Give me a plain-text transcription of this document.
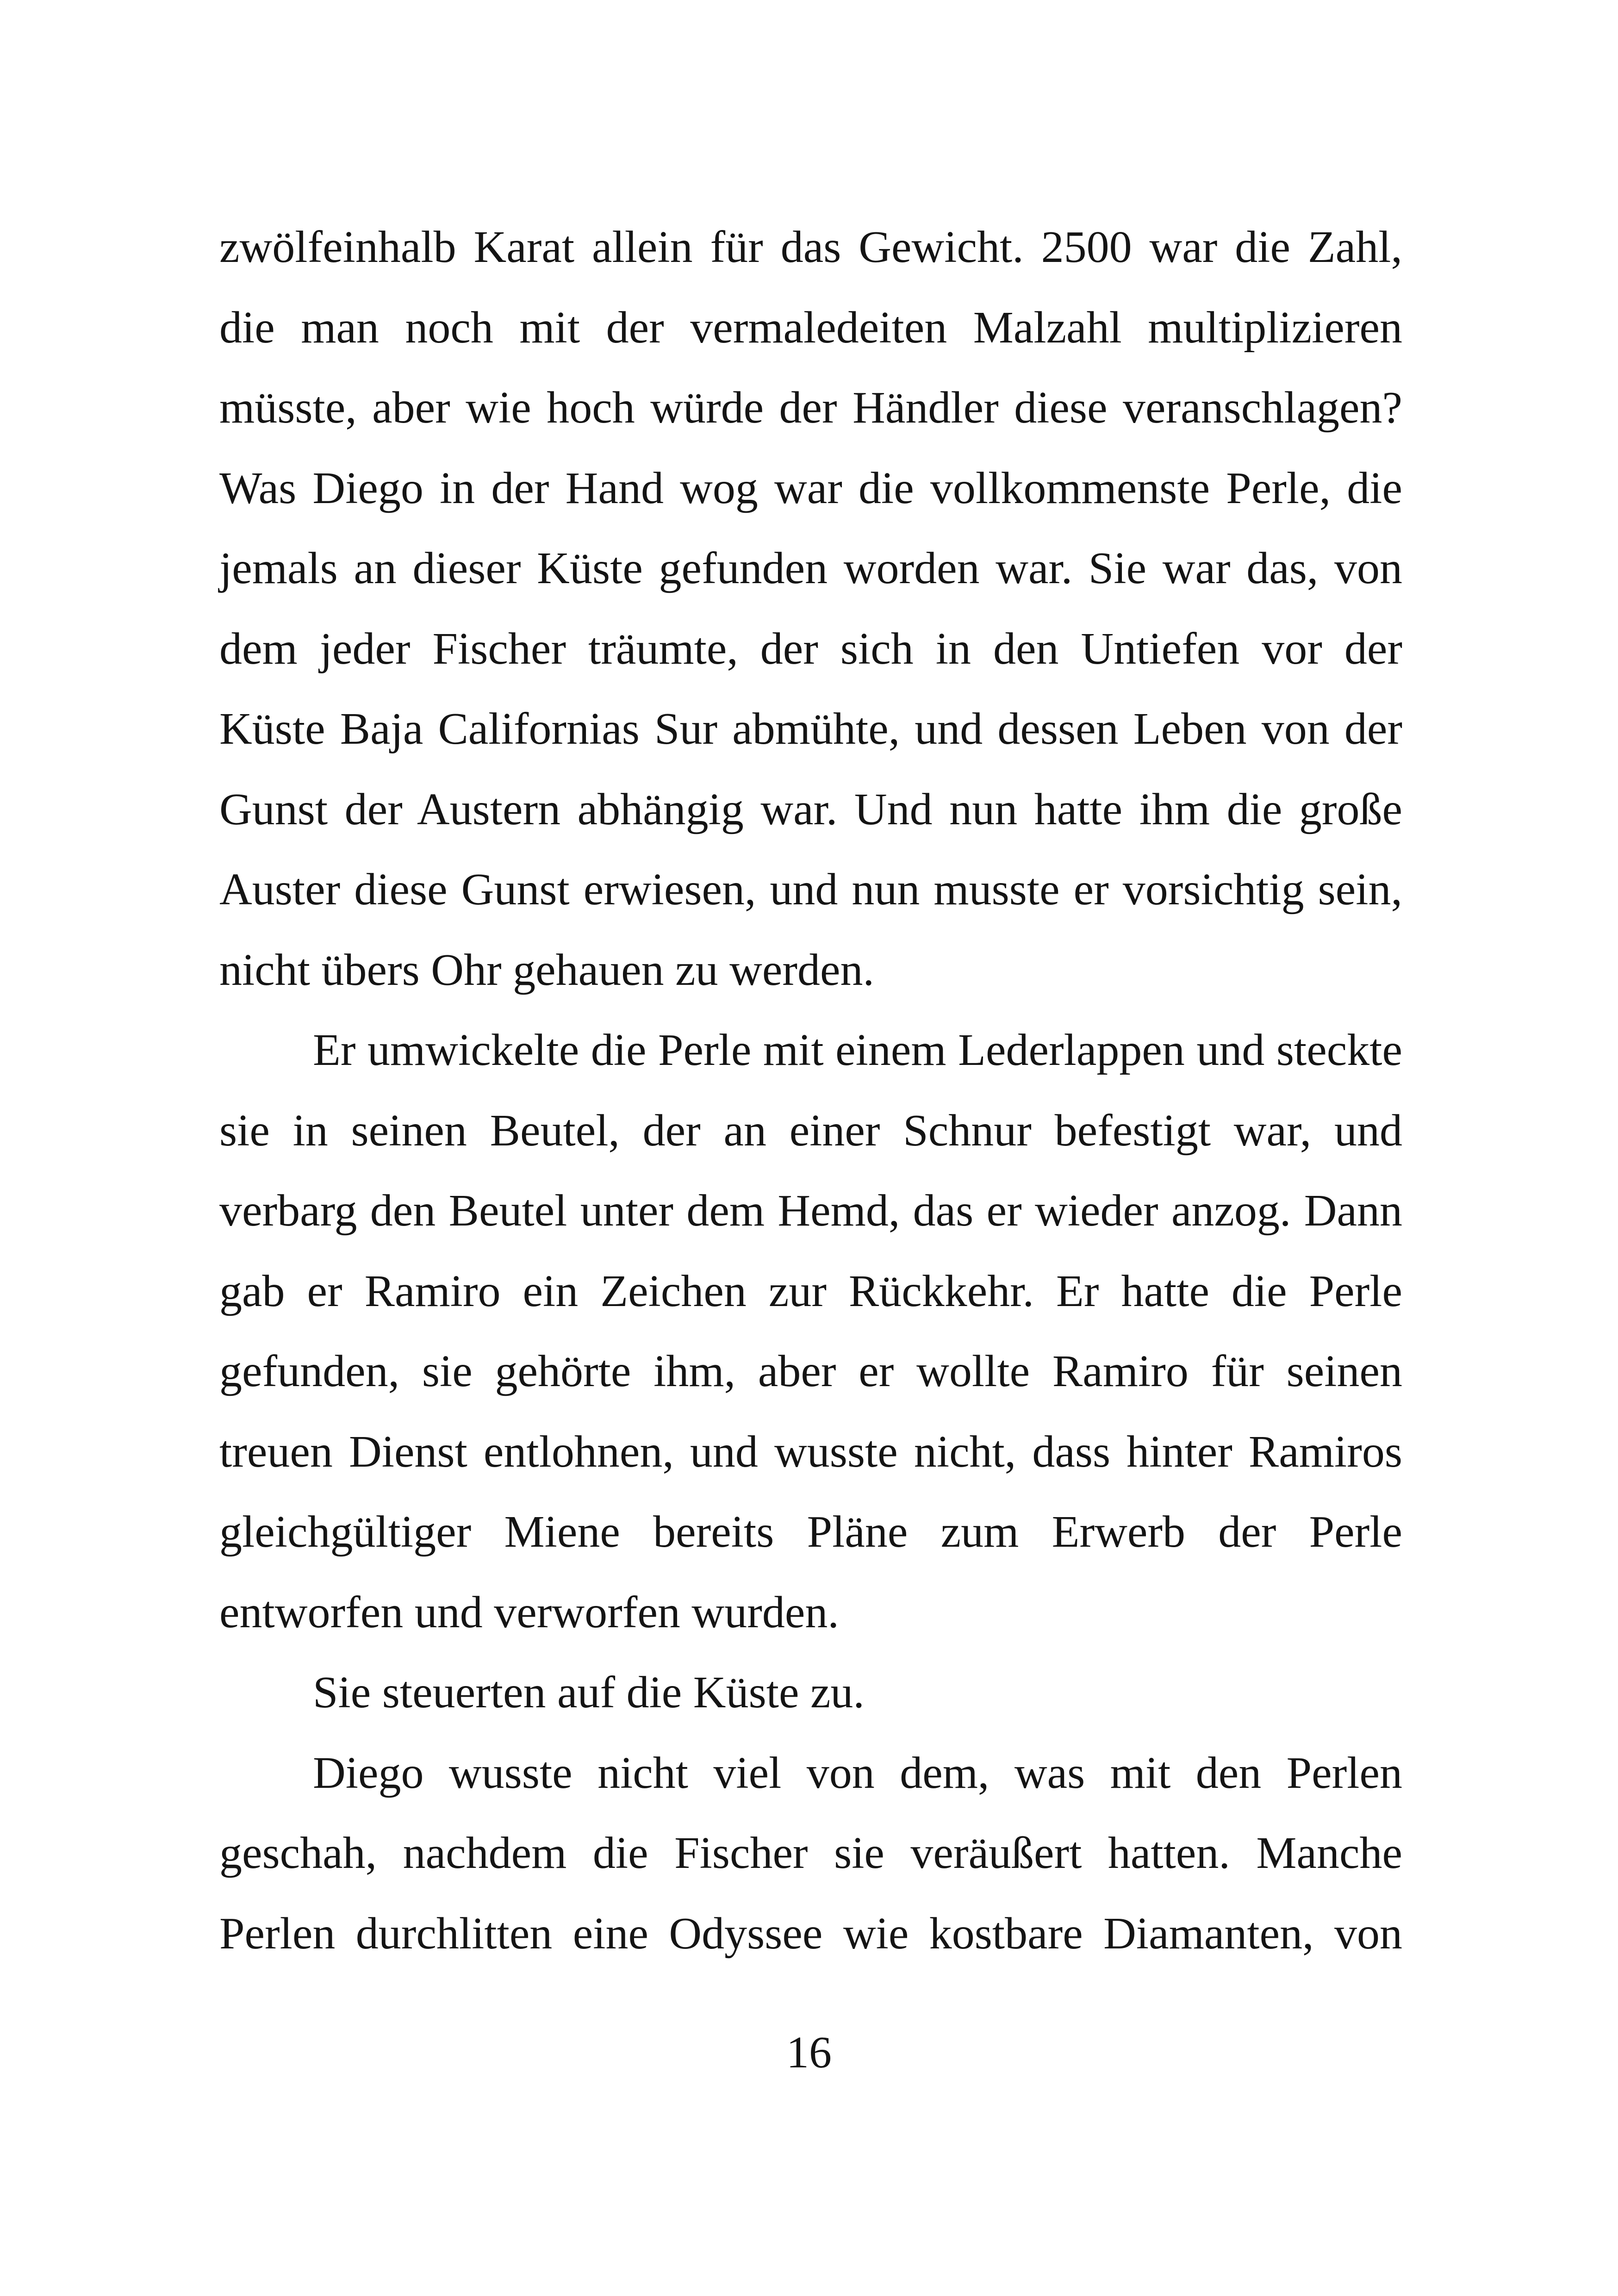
zwölfeinhalb Karat allein für das Gewicht. 2500 war die Zahl, die man noch mit der vermaledeiten Malzahl multiplizieren müsste, aber wie hoch würde der Händler diese veranschlagen? Was Diego in der Hand wog war die vollkommenste Perle, die jemals an dieser Küste gefunden worden war. Sie war das, von dem jeder Fischer träumte, der sich in den Untiefen vor der Küste Baja Californias Sur abmühte, und dessen Leben von der Gunst der Austern abhängig war. Und nun hatte ihm die große Auster diese Gunst erwiesen, und nun musste er vorsichtig sein, nicht übers Ohr gehauen zu werden.

Er umwickelte die Perle mit einem Lederlappen und steckte sie in seinen Beutel, der an einer Schnur befestigt war, und verbarg den Beutel unter dem Hemd, das er wieder anzog. Dann gab er Ramiro ein Zeichen zur Rückkehr. Er hatte die Perle gefunden, sie gehörte ihm, aber er wollte Ramiro für seinen treuen Dienst entlohnen, und wusste nicht, dass hinter Ramiros gleichgültiger Miene bereits Pläne zum Erwerb der Perle entworfen und verworfen wurden.

Sie steuerten auf die Küste zu.

Diego wusste nicht viel von dem, was mit den Perlen geschah, nachdem die Fischer sie veräußert hatten. Manche Perlen durchlitten eine Odyssee wie kostbare Diamanten, von

16
